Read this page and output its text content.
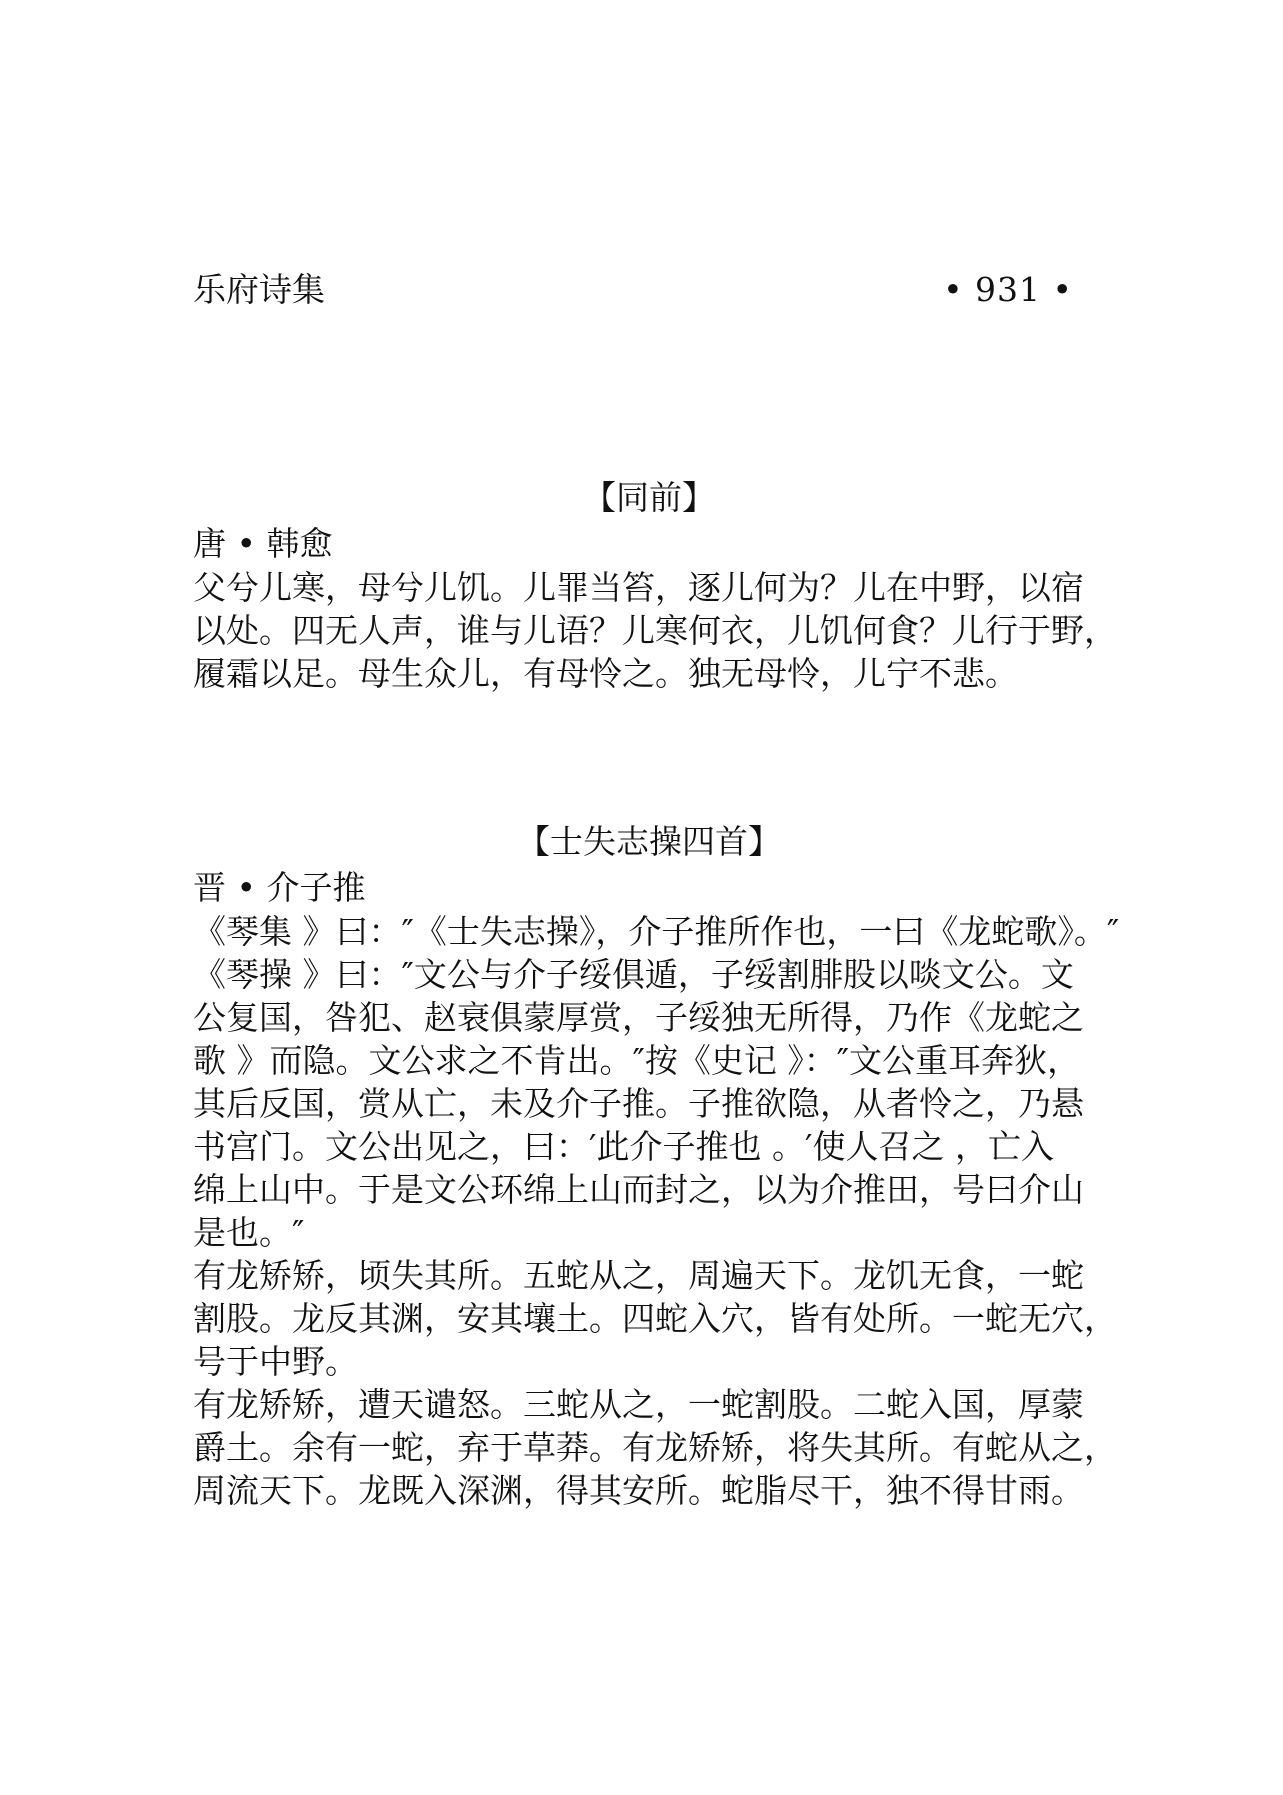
乐府诗集	• 931 •
【同前】
唐 • 韩愈
父兮儿寒，母兮儿饥。儿罪当笞，逐儿何为？儿在中野，以宿
以处。四无人声，谁与儿语？儿寒何衣，儿饥何食？儿行于野，
履霜以足。母生众儿，有母怜之。独无母怜，儿宁不悲。
【士失志操四首】
晋 • 介子推
《琴集 》曰：″《士失志操》，介子推所作也，一曰《龙蛇歌》。″
《琴操 》曰：″文公与介子绥俱遁，子绥割腓股以啖文公。文
公复国，咎犯、赵衰俱蒙厚赏，子绥独无所得，乃作《龙蛇之
歌 》而隐。文公求之不肯出。″按《史记 》：″文公重耳奔狄，
其后反国，赏从亡，未及介子推。子推欲隐，从者怜之，乃悬
书宫门。文公出见之，曰：′此介子推也 。′使人召之 ，亡入
绵上山中。于是文公环绵上山而封之，以为介推田，号曰介山
是也。″
有龙矫矫，顷失其所。五蛇从之，周遍天下。龙饥无食，一蛇
割股。龙反其渊，安其壤土。四蛇入穴，皆有处所。一蛇无穴，
号于中野。
有龙矫矫，遭天谴怒。三蛇从之，一蛇割股。二蛇入国，厚蒙
爵土。余有一蛇，弃于草莽。有龙矫矫，将失其所。有蛇从之，
周流天下。龙既入深渊，得其安所。蛇脂尽干，独不得甘雨。
